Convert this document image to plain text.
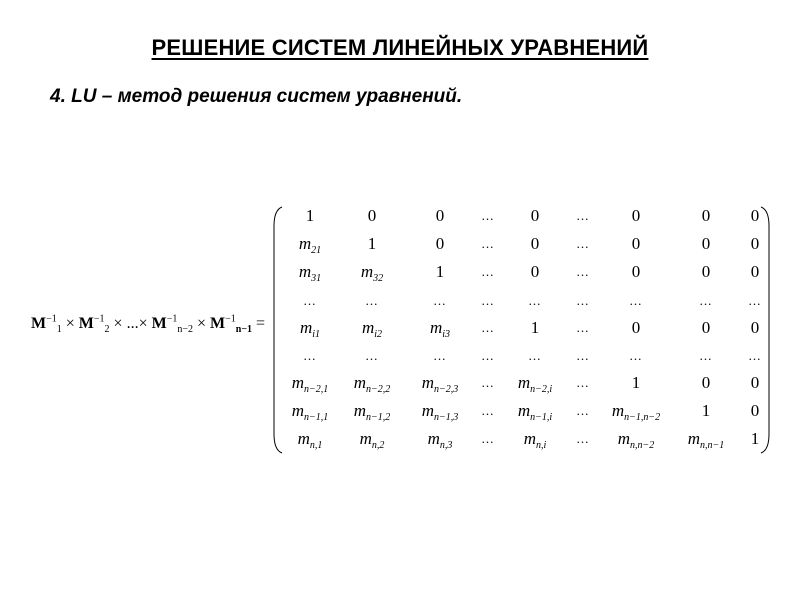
РЕШЕНИЕ СИСТЕМ ЛИНЕЙНЫХ УРАВНЕНИЙ
4. LU – метод решения систем уравнений.
$M^{-1}_1 \times M^{-1}_2$ × ...× $M^{-1}_{n-2} \times M^{-1}_{n-1}$ =
1	0	0	...	0	...	0	0	0
$m_{21}$	1	0	...	0	...	0	0	0
$m_{31}$	$m_{32}$	1	...	0	...	0	0	0
...	...	...	...	...	...	...	...	...
$m_{i1}$	$m_{i2}$	$m_{i3}$	...	1	...	0	0	0
...	...	...	...	...	...	...	...	...
$m_{n-2,1}$	$m_{n-2,2}$	$m_{n-2,3}$	...	$m_{n-2,i}$	...	1	0	0
$m_{n-1,1}$	$m_{n-1,2}$	$m_{n-1,3}$	...	$m_{n-1,i}$	...	$m_{n-1,n-2}$	1	0
$m_{n,1}$	$m_{n,2}$	$m_{n,3}$	...	$m_{n,i}$	...	$m_{n,n-2}$	$m_{n,n-1}$	1
